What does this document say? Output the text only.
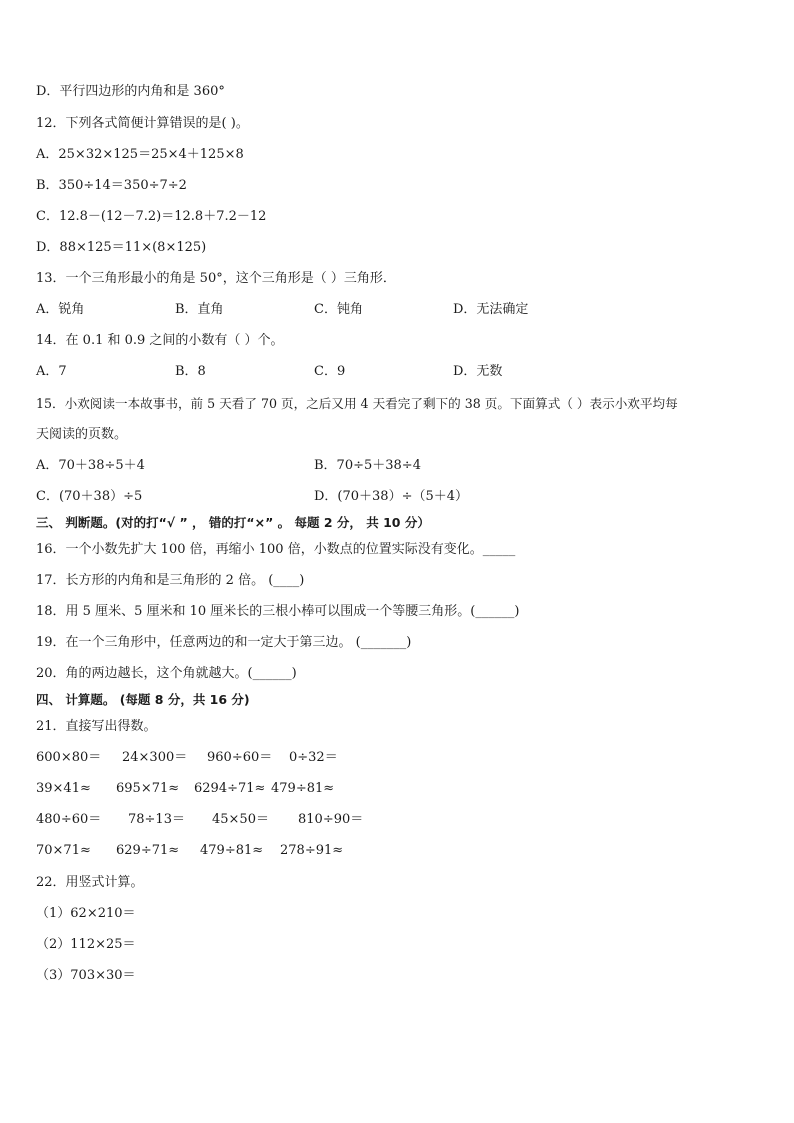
D．平行四边形的内角和是 360°
12．下列各式简便计算错误的是( )。
A．25×32×125＝25×4＋125×8
B．350÷14＝350÷7÷2
C．12.8－(12－7.2)＝12.8＋7.2－12
D．88×125＝11×(8×125)
13．一个三角形最小的角是 50°，这个三角形是（ ）三角形．
A．锐角	B．直角	C．钝角	D．无法确定
14．在 0.1 和 0.9 之间的小数有（ ）个。
A．7	B．8	C．9	D．无数
15．小欢阅读一本故事书，前 5 天看了 70 页，之后又用 4 天看完了剩下的 38 页。下面算式（ ）表示小欢平均每
天阅读的页数。
A．70＋38÷5＋4	B．70÷5＋38÷4
C．(70＋38）÷5	D．(70＋38）÷（5＋4）
三、 判断题。(对的打“√ ” ， 错的打“×” 。 每题 2 分， 共 10 分）
16．一个小数先扩大 100 倍，再缩小 100 倍，小数点的位置实际没有变化。_____
17．长方形的内角和是三角形的 2 倍。 (____)
18．用 5 厘米、5 厘米和 10 厘米长的三根小棒可以围成一个等腰三角形。(______)
19．在一个三角形中，任意两边的和一定大于第三边。 (_______)
20．角的两边越长，这个角就越大。(______)
四、 计算题。 (每题 8 分，共 16 分)
21．直接写出得数。
600×80＝ 24×300＝ 960÷60＝ 0÷32＝
39×41≈ 695×71≈ 6294÷71≈ 479÷81≈
480÷60＝ 78÷13＝ 45×50＝ 810÷90＝
70×71≈ 629÷71≈ 479÷81≈ 278÷91≈
22．用竖式计算。
（1）62×210＝
（2）112×25＝
（3）703×30＝
